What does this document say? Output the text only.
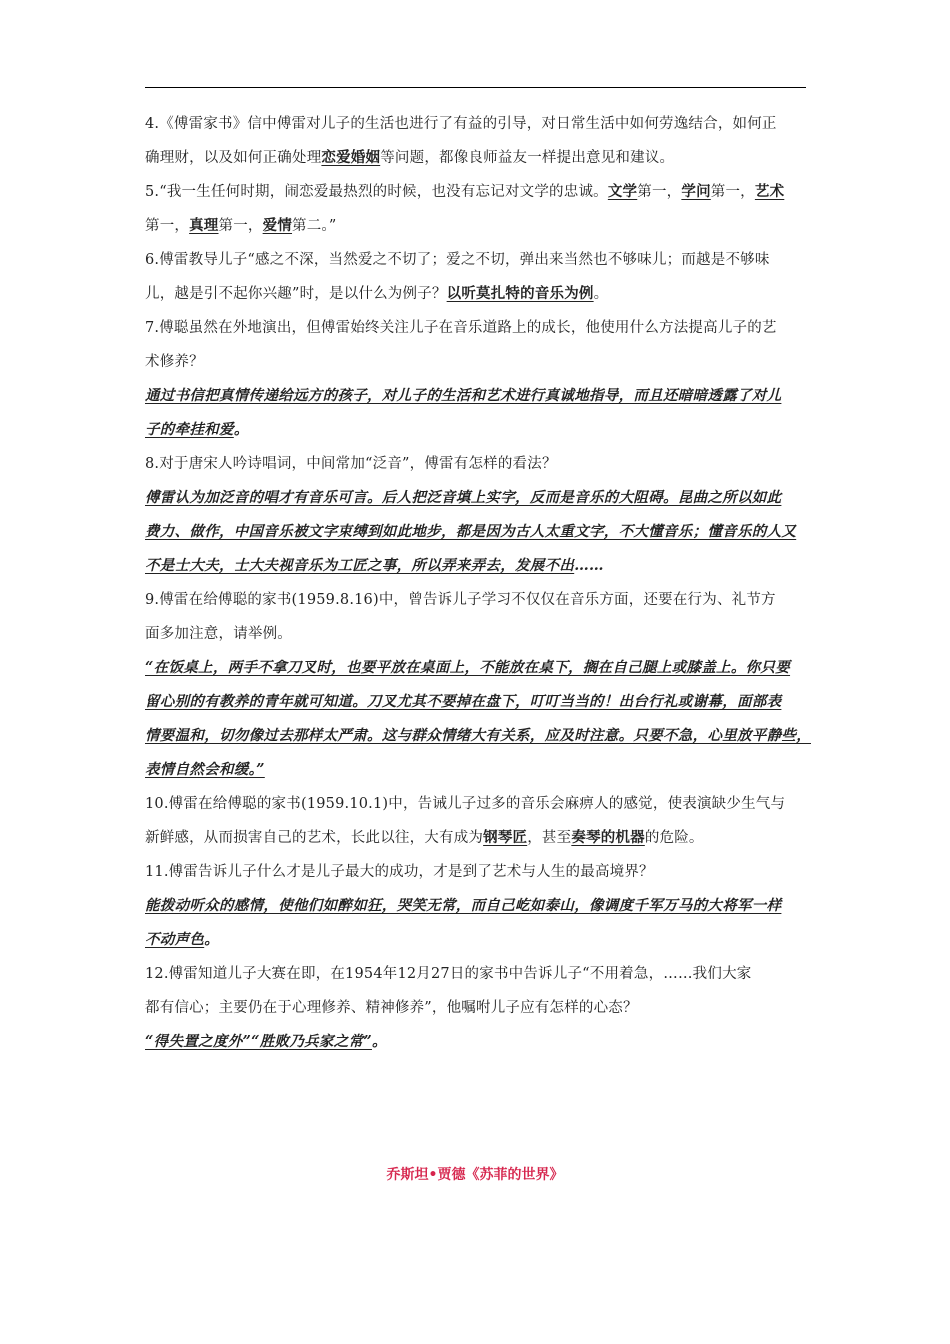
4.《傅雷家书》信中傅雷对儿子的生活也进行了有益的引导，对日常生活中如何劳逸结合，如何正
确理财，以及如何正确处理恋爱婚姻等问题，都像良师益友一样提出意见和建议。
5.“我一生任何时期，闹恋爱最热烈的时候，也没有忘记对文学的忠诚。文学第一，学问第一，艺术
第一，真理第一，爱情第二。”
6.傅雷教导儿子“感之不深，当然爱之不切了；爱之不切，弹出来当然也不够味儿；而越是不够味
儿，越是引不起你兴趣”时，是以什么为例子？以听莫扎特的音乐为例。
7.傅聪虽然在外地演出，但傅雷始终关注儿子在音乐道路上的成长，他使用什么方法提高儿子的艺
术修养？
通过书信把真情传递给远方的孩子，对儿子的生活和艺术进行真诚地指导，而且还暗暗透露了对儿
子的牵挂和爱。
8.对于唐宋人吟诗唱词，中间常加“泛音”，傅雷有怎样的看法？
傅雷认为加泛音的唱才有音乐可言。后人把泛音填上实字，反而是音乐的大阻碍。昆曲之所以如此
费力、做作，中国音乐被文字束缚到如此地步，都是因为古人太重文字，不大懂音乐；懂音乐的人又
不是士大夫，士大夫视音乐为工匠之事，所以弄来弄去，发展不出……
9.傅雷在给傅聪的家书(1959.8.16)中，曾告诉儿子学习不仅仅在音乐方面，还要在行为、礼节方
面多加注意，请举例。
“在饭桌上，两手不拿刀叉时，也要平放在桌面上，不能放在桌下，搁在自己腿上或膝盖上。你只要
留心别的有教养的青年就可知道。刀叉尤其不要掉在盘下，叮叮当当的！出台行礼或谢幕，面部表
情要温和，切勿像过去那样太严肃。这与群众情绪大有关系，应及时注意。只要不急，心里放平静些，
表情自然会和缓。”
10.傅雷在给傅聪的家书(1959.10.1)中，告诫儿子过多的音乐会麻痹人的感觉，使表演缺少生气与
新鲜感，从而损害自己的艺术，长此以往，大有成为钢琴匠，甚至奏琴的机器的危险。
11.傅雷告诉儿子什么才是儿子最大的成功，才是到了艺术与人生的最高境界？
能拨动听众的感情，使他们如醉如狂，哭笑无常，而自己屹如泰山，像调度千军万马的大将军一样
不动声色。
12.傅雷知道儿子大赛在即，在1954年12月27日的家书中告诉儿子“不用着急，……我们大家
都有信心；主要仍在于心理修养、精神修养”，他嘱咐儿子应有怎样的心态？
“得失置之度外”“胜败乃兵家之常”。
乔斯坦•贾德《苏菲的世界》
